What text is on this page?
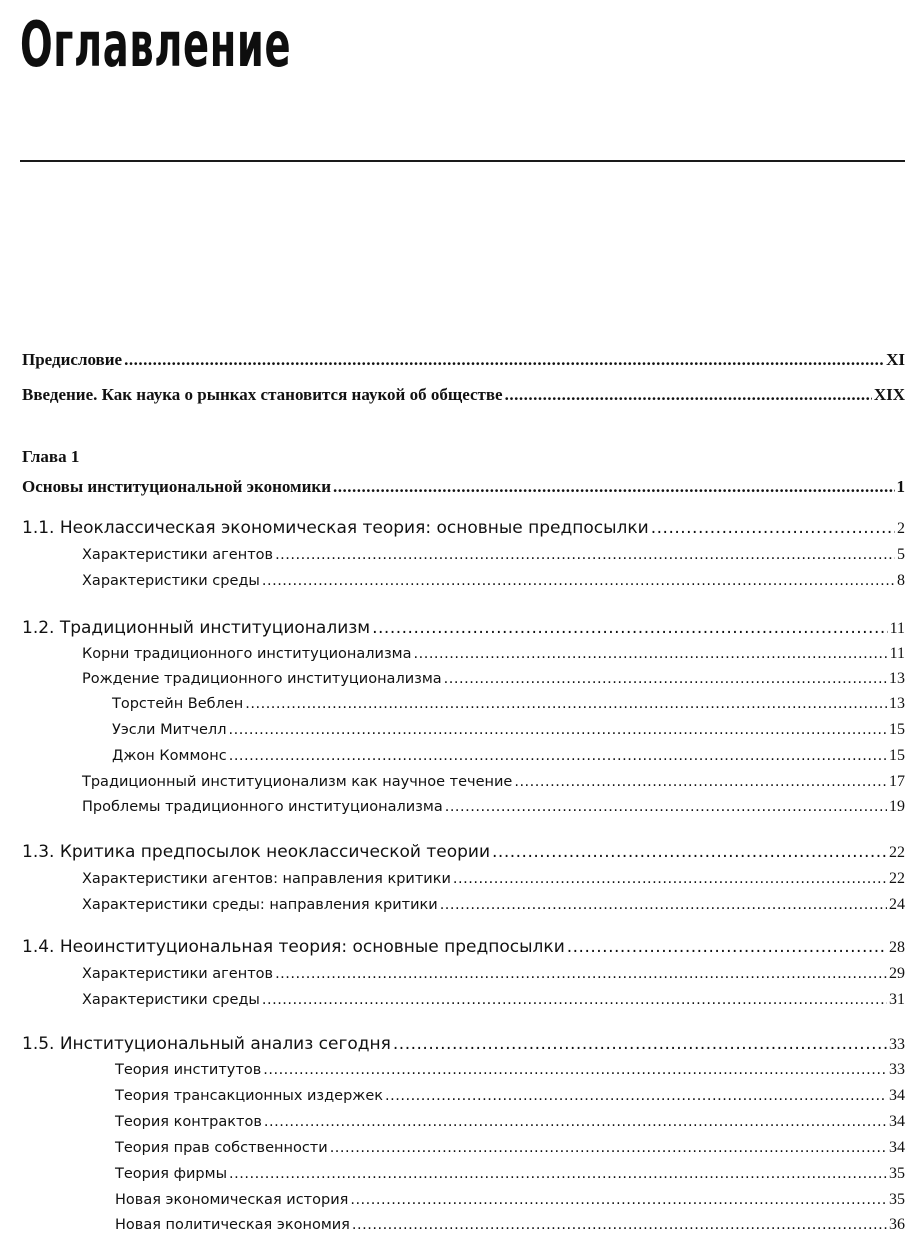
Оглавление
Предисловие .....	XI
Введение. Как наука о рынках становится наукой об обществе .....	XIX
Глава 1
Основы институциональной экономики .....	1
1.1. Неоклассическая экономическая теория: основные предпосылки .....	2
Характеристики агентов .....	5
Характеристики среды .....	8
1.2. Традиционный институционализм .....	11
Корни традиционного институционализма .....	11
Рождение традиционного институционализма .....	13
Торстейн Веблен .....	13
Уэсли Митчелл .....	15
Джон Коммонс .....	15
Традиционный институционализм как научное течение .....	17
Проблемы традиционного институционализма .....	19
1.3. Критика предпосылок неоклассической теории .....	22
Характеристики агентов: направления критики .....	22
Характеристики среды: направления критики .....	24
1.4. Неоинституциональная теория: основные предпосылки .....	28
Характеристики агентов .....	29
Характеристики среды .....	31
1.5. Институциональный анализ сегодня .....	33
Теория институтов .....	33
Теория трансакционных издержек .....	34
Теория контрактов .....	34
Теория прав собственности .....	34
Теория фирмы .....	35
Новая экономическая история .....	35
Новая политическая экономия .....	36
